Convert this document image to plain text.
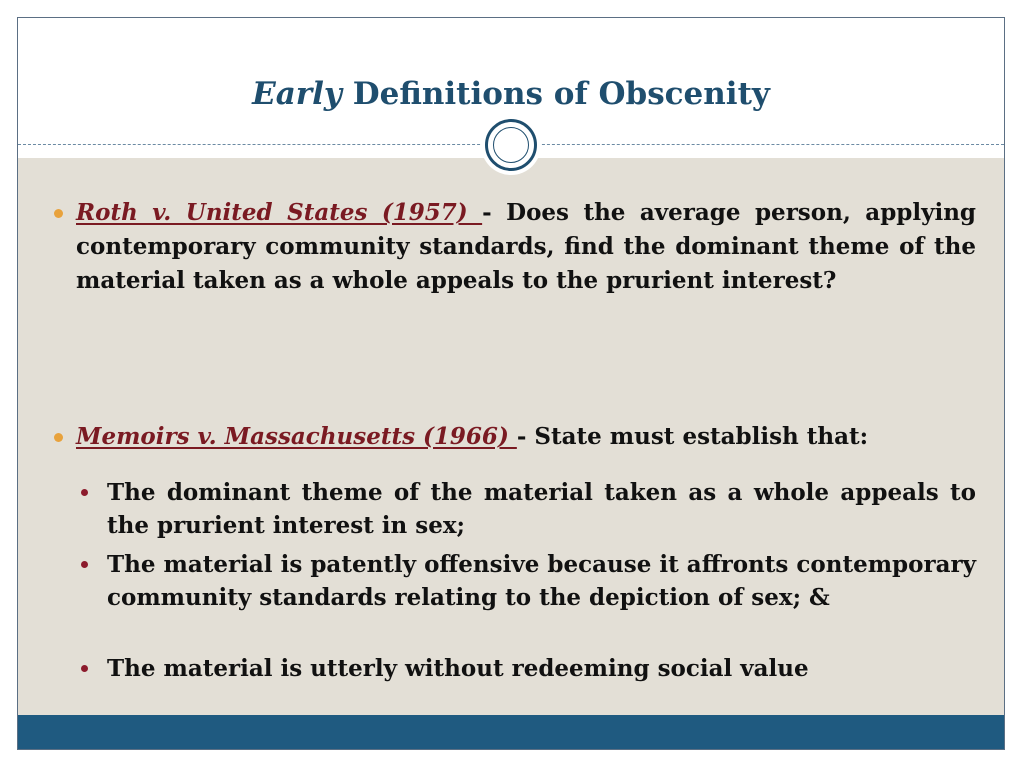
Early Definitions of Obscenity
Roth v. United States (1957) - Does the average person, applying contemporary community standards, find the dominant theme of the material taken as a whole appeals to the prurient interest?
Memoirs v. Massachusetts (1966) - State must establish that:
The dominant theme of the material taken as a whole appeals to the prurient interest in sex;
The material is patently offensive because it affronts contemporary community standards relating to the depiction of sex; &
The material is utterly without redeeming social value
